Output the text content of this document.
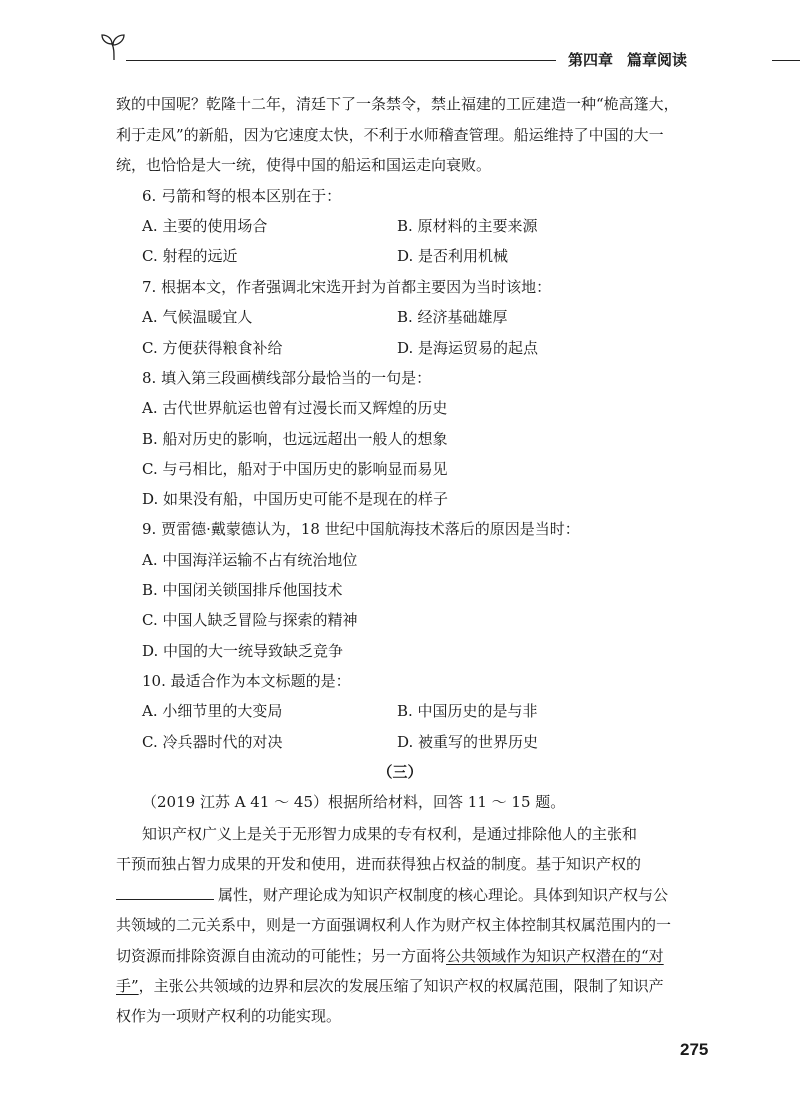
第四章 篇章阅读
致的中国呢？乾隆十二年，清廷下了一条禁令，禁止福建的工匠建造一种“桅高篷大，
利于走风”的新船，因为它速度太快，不利于水师稽查管理。船运维持了中国的大一
统，也恰恰是大一统，使得中国的船运和国运走向衰败。
6. 弓箭和弩的根本区别在于：
A. 主要的使用场合	B. 原材料的主要来源
C. 射程的远近	D. 是否利用机械
7. 根据本文，作者强调北宋选开封为首都主要因为当时该地：
A. 气候温暖宜人	B. 经济基础雄厚
C. 方便获得粮食补给	D. 是海运贸易的起点
8. 填入第三段画横线部分最恰当的一句是：
A. 古代世界航运也曾有过漫长而又辉煌的历史
B. 船对历史的影响，也远远超出一般人的想象
C. 与弓相比，船对于中国历史的影响显而易见
D. 如果没有船，中国历史可能不是现在的样子
9. 贾雷德·戴蒙德认为，18 世纪中国航海技术落后的原因是当时：
A. 中国海洋运输不占有统治地位
B. 中国闭关锁国排斥他国技术
C. 中国人缺乏冒险与探索的精神
D. 中国的大一统导致缺乏竞争
10. 最适合作为本文标题的是：
A. 小细节里的大变局	B. 中国历史的是与非
C. 冷兵器时代的对决	D. 被重写的世界历史
（三）
（2019 江苏 A 41 ～ 45）根据所给材料，回答 11 ～ 15 题。
知识产权广义上是关于无形智力成果的专有权利，是通过排除他人的主张和
干预而独占智力成果的开发和使用，进而获得独占权益的制度。基于知识产权的
属性，财产理论成为知识产权制度的核心理论。具体到知识产权与公
共领域的二元关系中，则是一方面强调权利人作为财产权主体控制其权属范围内的一
切资源而排除资源自由流动的可能性；另一方面将公共领域作为知识产权潜在的“对
手”，主张公共领域的边界和层次的发展压缩了知识产权的权属范围，限制了知识产
权作为一项财产权利的功能实现。
275
